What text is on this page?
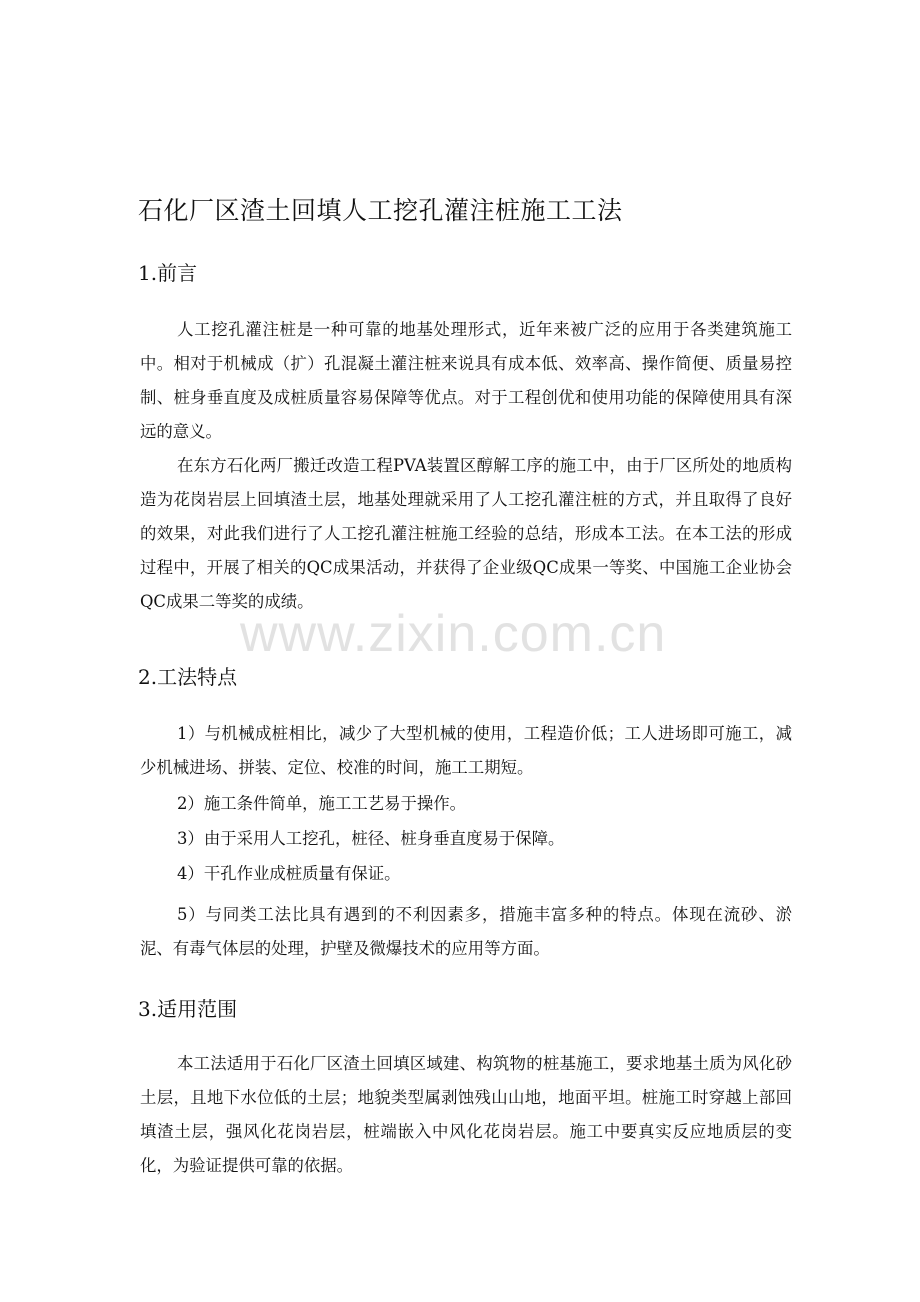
石化厂区渣土回填人工挖孔灌注桩施工工法
1.前言
人工挖孔灌注桩是一种可靠的地基处理形式，近年来被广泛的应用于各类建筑施工中。相对于机械成（扩）孔混凝土灌注桩来说具有成本低、效率高、操作简便、质量易控制、桩身垂直度及成桩质量容易保障等优点。对于工程创优和使用功能的保障使用具有深远的意义。
在东方石化两厂搬迁改造工程PVA装置区醇解工序的施工中，由于厂区所处的地质构造为花岗岩层上回填渣土层，地基处理就采用了人工挖孔灌注桩的方式，并且取得了良好的效果，对此我们进行了人工挖孔灌注桩施工经验的总结，形成本工法。在本工法的形成过程中，开展了相关的QC成果活动，并获得了企业级QC成果一等奖、中国施工企业协会QC成果二等奖的成绩。
2.工法特点
1）与机械成桩相比，减少了大型机械的使用，工程造价低；工人进场即可施工，减少机械进场、拼装、定位、校准的时间，施工工期短。
2）施工条件简单，施工工艺易于操作。
3）由于采用人工挖孔，桩径、桩身垂直度易于保障。
4）干孔作业成桩质量有保证。
5）与同类工法比具有遇到的不利因素多，措施丰富多种的特点。体现在流砂、淤泥、有毒气体层的处理，护壁及微爆技术的应用等方面。
3.适用范围
本工法适用于石化厂区渣土回填区域建、构筑物的桩基施工，要求地基土质为风化砂土层，且地下水位低的土层；地貌类型属剥蚀残山山地，地面平坦。桩施工时穿越上部回填渣土层，强风化花岗岩层，桩端嵌入中风化花岗岩层。施工中要真实反应地质层的变化，为验证提供可靠的依据。
www.zixin.com.cn
